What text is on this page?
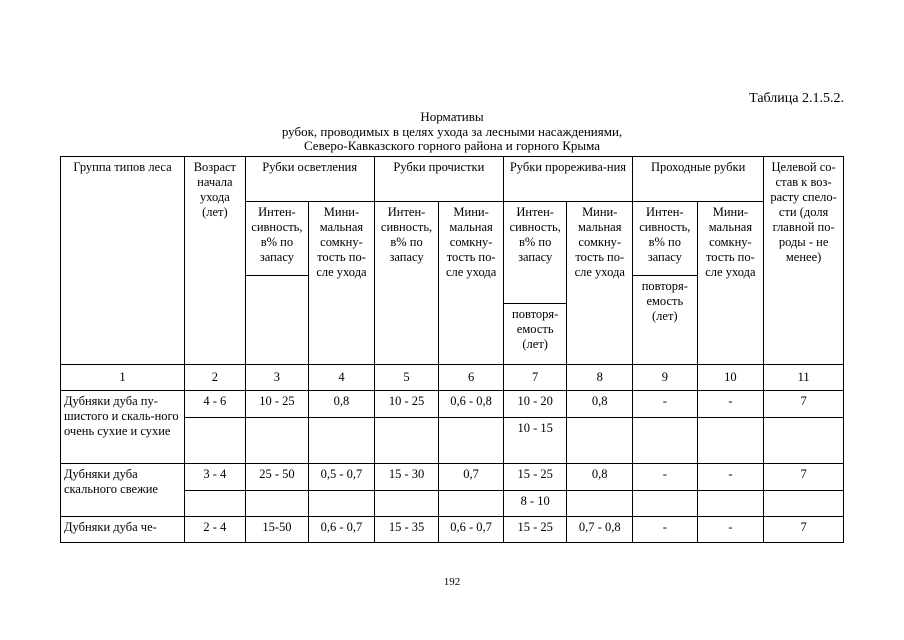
Таблица 2.1.5.2.
Нормативы
рубок, проводимых в целях ухода за лесными насаждениями,
Северо-Кавказского горного района и горного Крыма
Группа типов леса	Возраст начала ухода (лет)	Рубки осветления		Рубки прочистки		Рубки прорежива-ния		Проходные рубки		Целевой со-став к воз-расту спело-сти (доля главной по-роды - не менее)
		Интен-сивность, в% по запасу	Мини-мальная сомкну-тость по-сле ухода	Интен-сивность, в% по запасу	Мини-мальная сомкну-тость по-сле ухода	Интен-сивность, в% по запасу	Мини-мальная сомкну-тость по-сле ухода	Интен-сивность, в% по запасу	Мини-мальная сомкну-тость по-сле ухода	
								повторя-емость (лет)		
						повторя-емость (лет)				
1	2	3	4	5	6	7	8	9	10	11
Дубняки дуба пу-шистого и скаль-ного очень сухие и сухие	4 - 6	10 - 25	0,8	10 - 25	0,6 - 0,8	10 - 20	0,8	-	-	7
						10 - 15				
Дубняки дуба скального свежие	3 - 4	25 - 50	0,5 - 0,7	15 - 30	0,7	15 - 25	0,8	-	-	7
						8 - 10				
Дубняки дуба че-	2 - 4	15-50	0,6 - 0,7	15 - 35	0,6 - 0,7	15 - 25	0,7 - 0,8	-	-	7
192
